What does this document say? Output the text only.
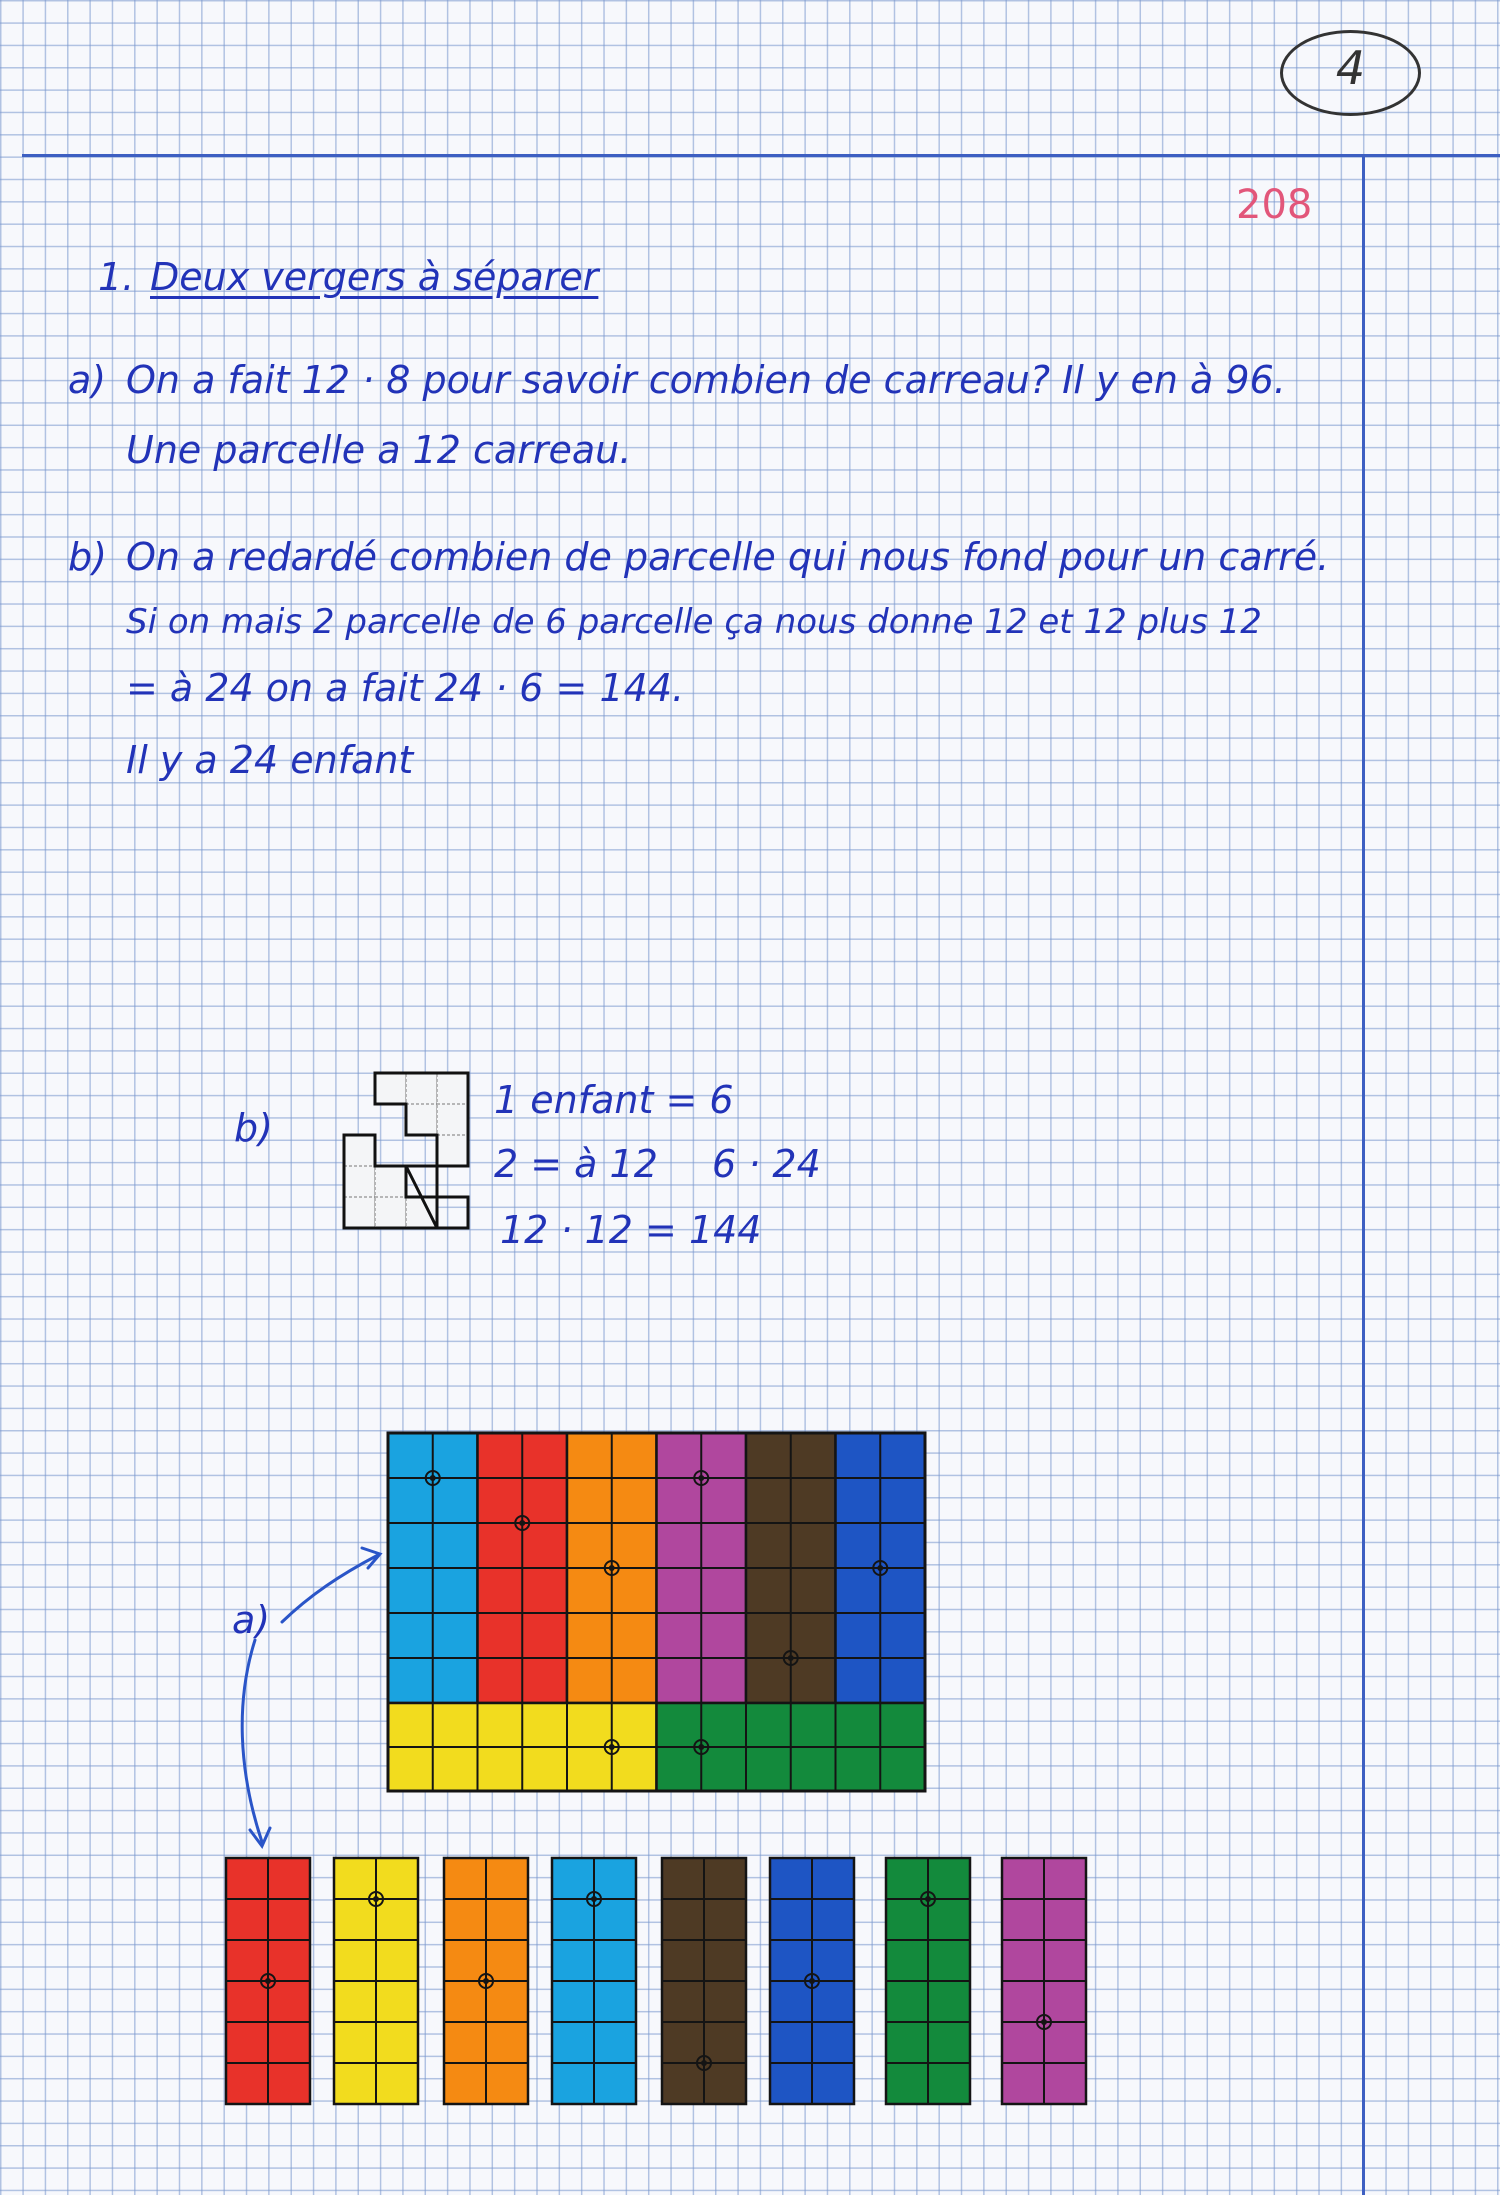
4
208
1. Deux vergers à séparer
a) On a fait 12 · 8 pour savoir combien de carreau? Il y en à 96.
Une parcelle a 12 carreau.
b) On a redardé combien de parcelle qui nous fond pour un carré.
Si on mais 2 parcelle de 6 parcelle ça nous donne 12 et 12 plus 12
= à 24 on a fait 24 · 6 = 144.
Il y a 24 enfant
b)
1 enfant = 6
2 = à 12 6 · 24
12 · 12 = 144
a)
